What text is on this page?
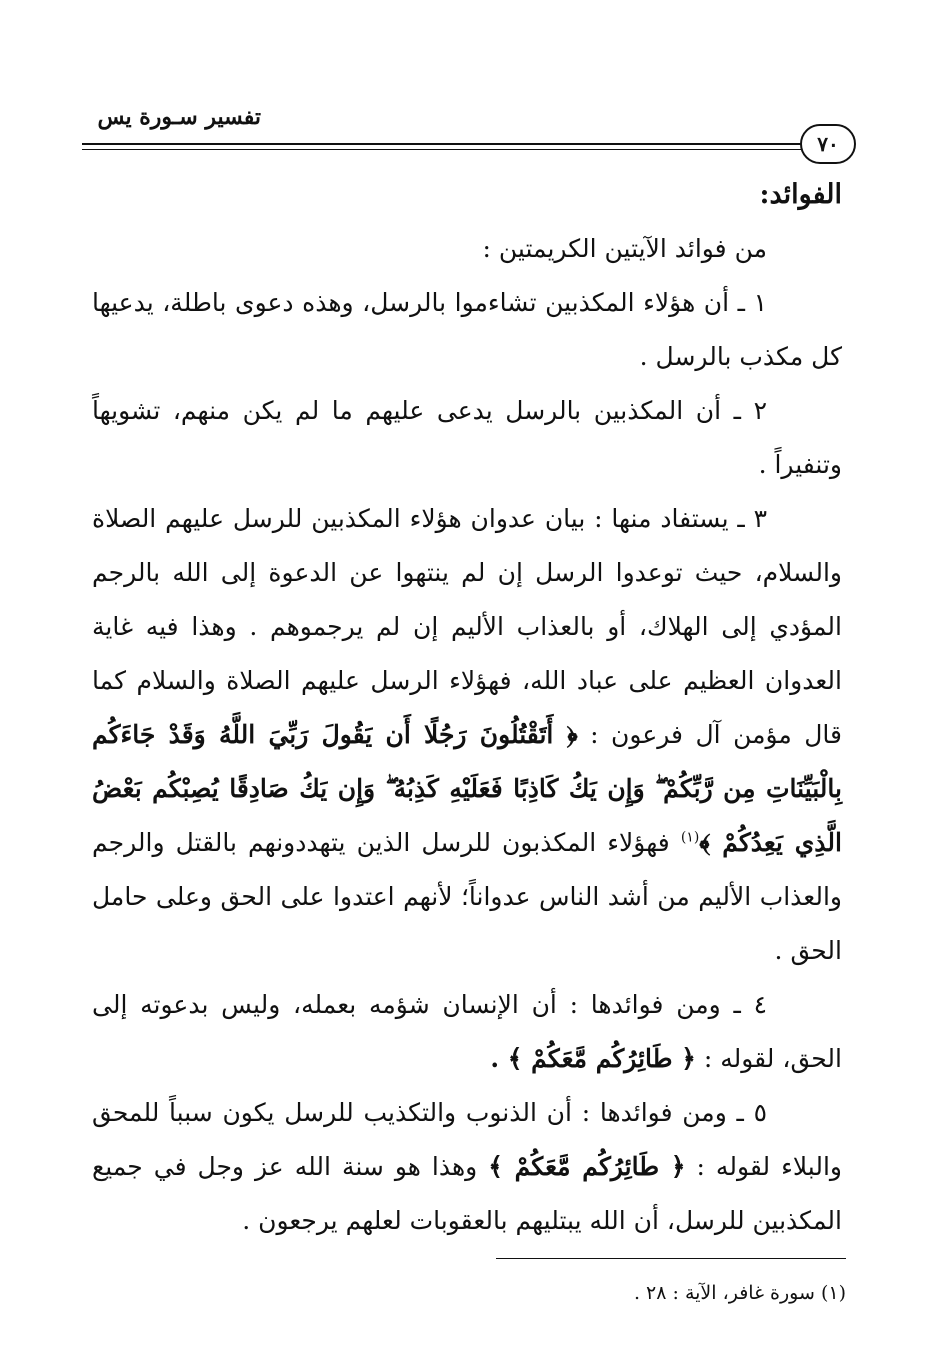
تفسير سـورة يس
٧٠

الفوائد:

من فوائد الآيتين الكريمتين :

١ ـ أن هؤلاء المكذبين تشاءموا بالرسل، وهذه دعوى باطلة، يدعيها كل مكذب بالرسل .

٢ ـ أن المكذبين بالرسل يدعى عليهم ما لم يكن منهم، تشويهاً وتنفيراً .

٣ ـ يستفاد منها : بيان عدوان هؤلاء المكذبين للرسل عليهم الصلاة والسلام، حيث توعدوا الرسل إن لم ينتهوا عن الدعوة إلى الله بالرجم المؤدي إلى الهلاك، أو بالعذاب الأليم إن لم يرجموهم . وهذا فيه غاية العدوان العظيم على عباد الله، فهؤلاء الرسل عليهم الصلاة والسلام كما قال مؤمن آل فرعون : ﴿ أَتَقْتُلُونَ رَجُلًا أَن يَقُولَ رَبِّيَ اللَّهُ وَقَدْ جَاءَكُم بِالْبَيِّنَاتِ مِن رَّبِّكُمْ ۖ وَإِن يَكُ كَاذِبًا فَعَلَيْهِ كَذِبُهُ ۖ وَإِن يَكُ صَادِقًا يُصِبْكُم بَعْضُ الَّذِي يَعِدُكُمْ ﴾$^{(١)}$ فهؤلاء المكذبون للرسل الذين يتهددونهم بالقتل والرجم والعذاب الأليم من أشد الناس عدواناً؛ لأنهم اعتدوا على الحق وعلى حامل الحق .

٤ ـ ومن فوائدها : أن الإنسان شؤمه بعمله، وليس بدعوته إلى الحق، لقوله : ﴿ طَائِرُكُم مَّعَكُمْ ﴾ .

٥ ـ ومن فوائدها : أن الذنوب والتكذيب للرسل يكون سبباً للمحق والبلاء لقوله : ﴿ طَائِرُكُم مَّعَكُمْ ﴾ وهذا هو سنة الله عز وجل في جميع المكذبين للرسل، أن الله يبتليهم بالعقوبات لعلهم يرجعون .

(١) سورة غافر، الآية : ٢٨ .
